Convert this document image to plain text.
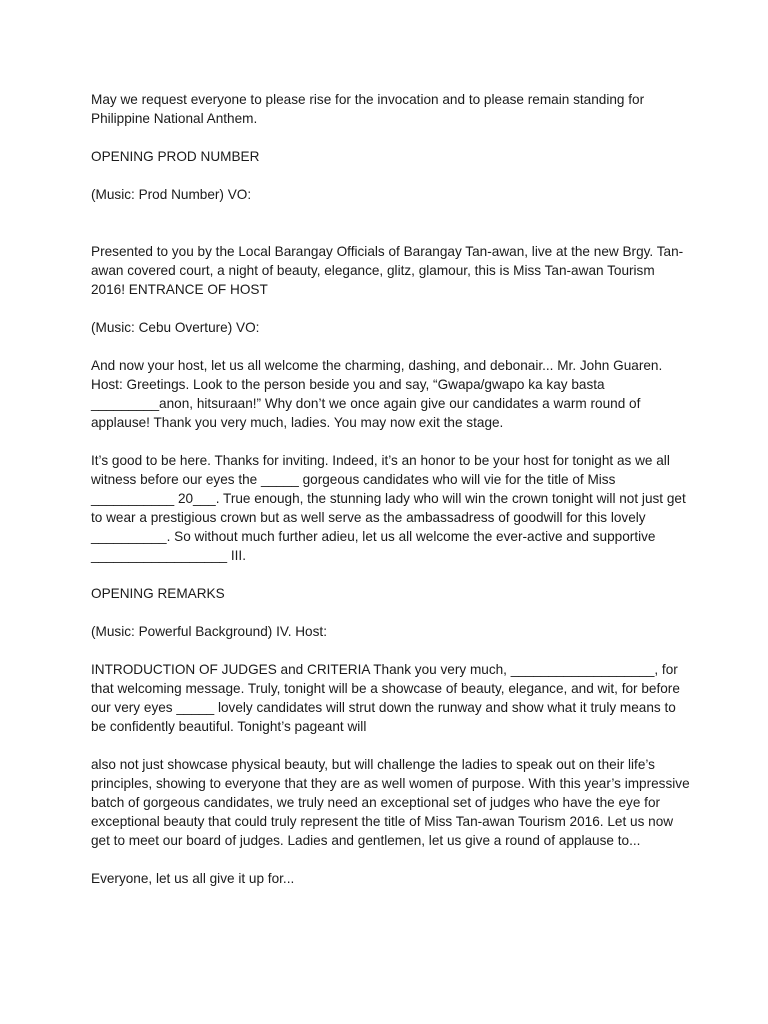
May we request everyone to please rise for the invocation and to please remain standing for Philippine National Anthem.

OPENING PROD NUMBER

(Music: Prod Number) VO:

Presented to you by the Local Barangay Officials of Barangay Tan-awan, live at the new Brgy. Tan-awan covered court, a night of beauty, elegance, glitz, glamour, this is Miss Tan-awan Tourism 2016! ENTRANCE OF HOST

(Music: Cebu Overture) VO:

And now your host, let us all welcome the charming, dashing, and debonair... Mr. John Guaren. Host: Greetings. Look to the person beside you and say, “Gwapa/gwapo ka kay basta _________anon, hitsuraan!” Why don’t we once again give our candidates a warm round of applause! Thank you very much, ladies. You may now exit the stage.

It’s good to be here. Thanks for inviting. Indeed, it’s an honor to be your host for tonight as we all witness before our eyes the _____ gorgeous candidates who will vie for the title of Miss ___________ 20___. True enough, the stunning lady who will win the crown tonight will not just get to wear a prestigious crown but as well serve as the ambassadress of goodwill for this lovely __________. So without much further adieu, let us all welcome the ever-active and supportive __________________ III.

OPENING REMARKS

(Music: Powerful Background) IV. Host:

INTRODUCTION OF JUDGES and CRITERIA Thank you very much, ___________________, for that welcoming message. Truly, tonight will be a showcase of beauty, elegance, and wit, for before our very eyes _____ lovely candidates will strut down the runway and show what it truly means to be confidently beautiful. Tonight’s pageant will

also not just showcase physical beauty, but will challenge the ladies to speak out on their life’s principles, showing to everyone that they are as well women of purpose. With this year’s impressive batch of gorgeous candidates, we truly need an exceptional set of judges who have the eye for exceptional beauty that could truly represent the title of Miss Tan-awan Tourism 2016. Let us now get to meet our board of judges. Ladies and gentlemen, let us give a round of applause to...

Everyone, let us all give it up for...
